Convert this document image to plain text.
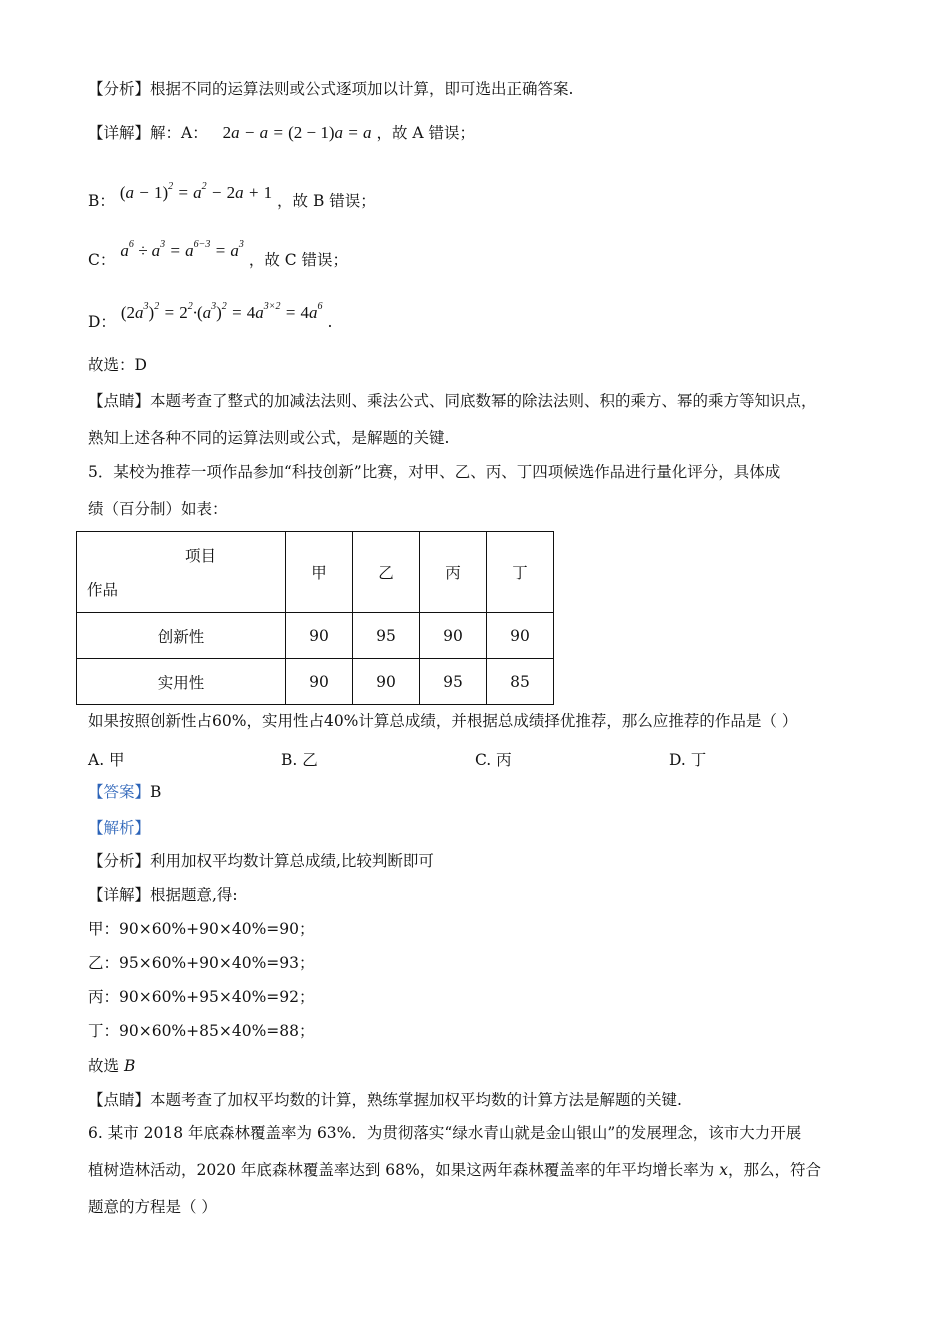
【分析】根据不同的运算法则或公式逐项加以计算，即可选出正确答案.
【详解】解：A： 2a − a = (2 − 1)a = a ，故 A 错误；
B： $(a - 1)^2 = a^2 - 2a + 1$ ，故 B 错误；
C： $a^6 \div a^3 = a^{6-3} = a^3$ ，故 C 错误；
D： $(2a^3)^2 = 2^2\cdot(a^3)^2 = 4a^{3\times 2} = 4a^6$ .
故选：D
【点睛】本题考查了整式的加减法法则、乘法公式、同底数幂的除法法则、积的乘方、幂的乘方等知识点，
熟知上述各种不同的运算法则或公式，是解题的关键.
5．某校为推荐一项作品参加“科技创新”比赛，对甲、乙、丙、丁四项候选作品进行量化评分，具体成
绩（百分制）如表：
项目
作品	甲	乙	丙	丁
创新性	90	95	90	90
实用性	90	90	95	85
如果按照创新性占60%，实用性占40%计算总成绩，并根据总成绩择优推荐，那么应推荐的作品是（ ）
A. 甲	B. 乙	C. 丙	D. 丁
【答案】B
【解析】
【分析】利用加权平均数计算总成绩,比较判断即可
【详解】根据题意,得:
甲：90×60%+90×40%=90；
乙：95×60%+90×40%=93；
丙：90×60%+95×40%=92；
丁：90×60%+85×40%=88；
故选 B
【点睛】本题考查了加权平均数的计算，熟练掌握加权平均数的计算方法是解题的关键.
6. 某市 2018 年底森林覆盖率为 63%．为贯彻落实“绿水青山就是金山银山”的发展理念，该市大力开展
植树造林活动，2020 年底森林覆盖率达到 68%，如果这两年森林覆盖率的年平均增长率为 x，那么，符合
题意的方程是（ ）
